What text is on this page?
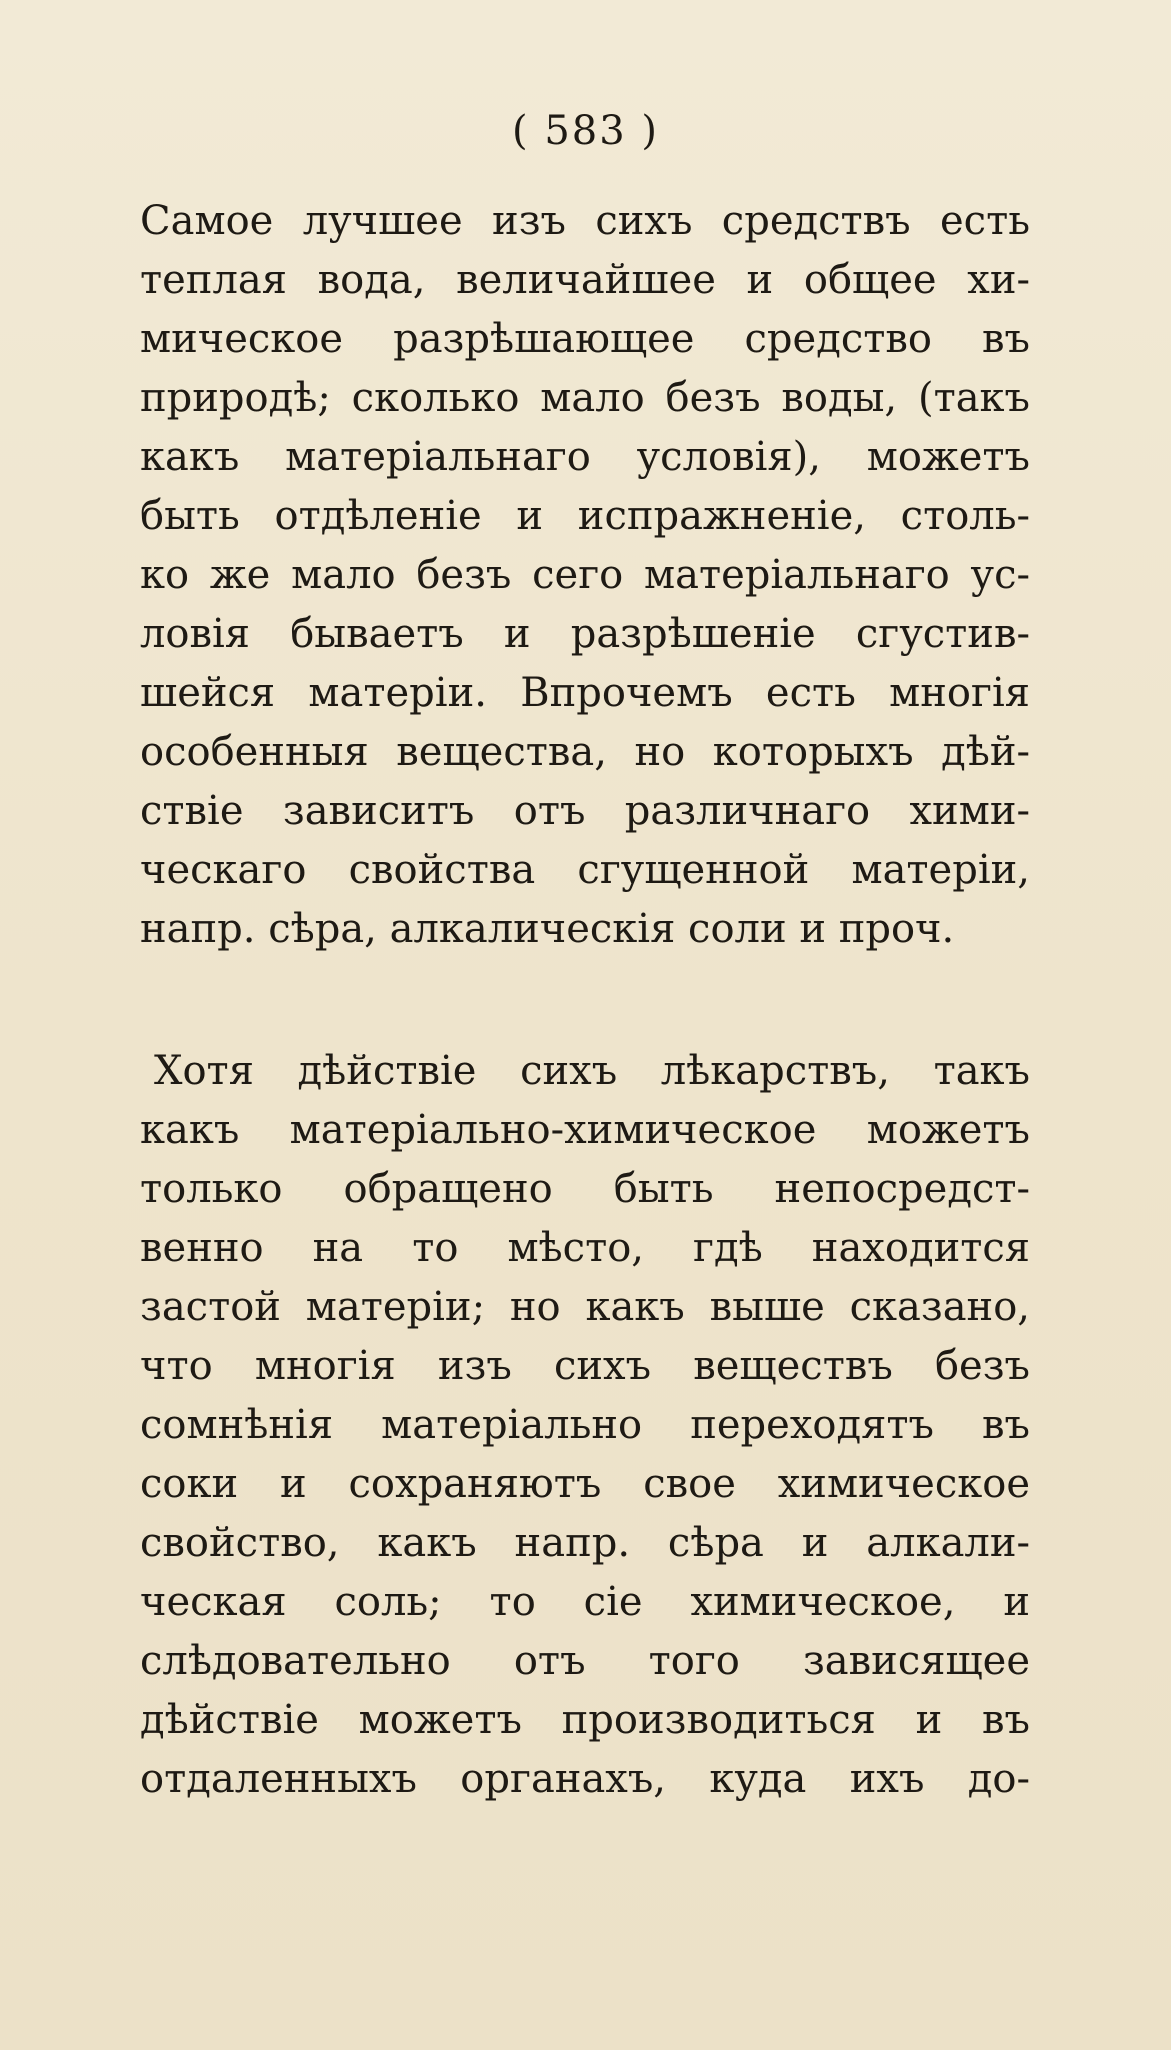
( 583 )
Самое лучшее изъ сихъ средствъ есть
теплая вода, величайшее и общее хи-
мическое разрѣшающее средство въ
природѣ; сколько мало безъ воды, (такъ
какъ матеріальнаго условія), можетъ
быть отдѣленіе и испражненіе, столь-
ко же мало безъ сего матеріальнаго ус-
ловія бываетъ и разрѣшеніе сгустив-
шейся матеріи. Впрочемъ есть многія
особенныя вещества, но которыхъ дѣй-
ствіе зависитъ отъ различнаго хими-
ческаго свойства сгущенной матеріи,
напр. сѣра, алкалическія соли и проч.
Хотя дѣйствіе сихъ лѣкарствъ, такъ
какъ матеріально-химическое можетъ
только обращено быть непосредст-
венно на то мѣсто, гдѣ находится
застой матеріи; но какъ выше сказано,
что многія изъ сихъ веществъ безъ
сомнѣнія матеріально переходятъ въ
соки и сохраняютъ свое химическое
свойство, какъ напр. сѣра и алкали-
ческая соль; то сіе химическое, и
слѣдовательно отъ того зависящее
дѣйствіе можетъ производиться и въ
отдаленныхъ органахъ, куда ихъ до-
